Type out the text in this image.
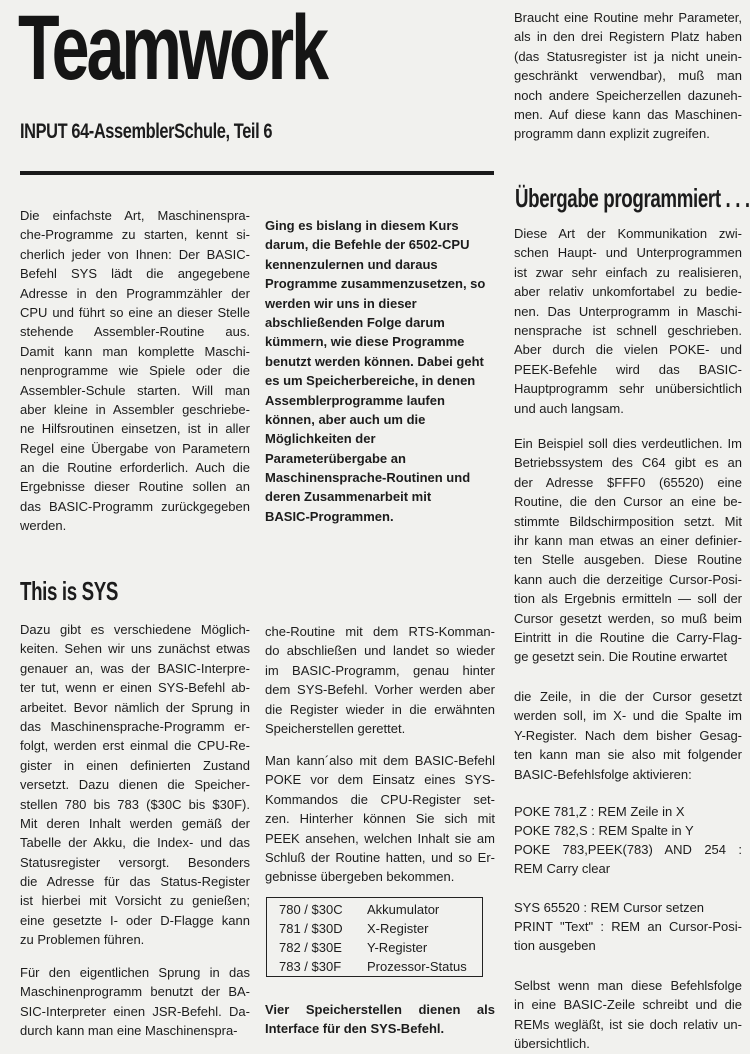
Teamwork
INPUT 64-AssemblerSchule, Teil 6
Die einfachste Art, Maschinenspra-
che-Programme zu starten, kennt si-
cherlich jeder von Ihnen: Der BASIC-
Befehl SYS lädt die angegebene
Adresse in den Programmzähler der
CPU und führt so eine an dieser Stelle
stehende Assembler-Routine aus.
Damit kann man komplette Maschi-
nenprogramme wie Spiele oder die
Assembler-Schule starten. Will man
aber kleine in Assembler geschriebe-
ne Hilfsroutinen einsetzen, ist in aller
Regel eine Übergabe von Parametern
an die Routine erforderlich. Auch die
Ergebnisse dieser Routine sollen an
das BASIC-Programm zurückgegeben
werden.
This is SYS
Dazu gibt es verschiedene Möglich-
keiten. Sehen wir uns zunächst etwas
genauer an, was der BASIC-Interpre-
ter tut, wenn er einen SYS-Befehl ab-
arbeitet. Bevor nämlich der Sprung in
das Maschinensprache-Programm er-
folgt, werden erst einmal die CPU-Re-
gister in einen definierten Zustand
versetzt. Dazu dienen die Speicher-
stellen 780 bis 783 ($30C bis $30F).
Mit deren Inhalt werden gemäß der
Tabelle der Akku, die Index- und das
Statusregister versorgt. Besonders
die Adresse für das Status-Register
ist hierbei mit Vorsicht zu genießen;
eine gesetzte I- oder D-Flagge kann
zu Problemen führen.
Für den eigentlichen Sprung in das
Maschinenprogramm benutzt der BA-
SIC-Interpreter einen JSR-Befehl. Da-
durch kann man eine Maschinenspra-
Ging es bislang in diesem Kurs
darum, die Befehle der 6502-CPU
kennenzulernen und daraus
Programme zusammenzusetzen, so
werden wir uns in dieser
abschließenden Folge darum
kümmern, wie diese Programme
benutzt werden können. Dabei geht
es um Speicherbereiche, in denen
Assemblerprogramme laufen
können, aber auch um die
Möglichkeiten der
Parameterübergabe an
Maschinensprache-Routinen und
deren Zusammenarbeit mit
BASIC-Programmen.
che-Routine mit dem RTS-Komman-
do abschließen und landet so wieder
im BASIC-Programm, genau hinter
dem SYS-Befehl. Vorher werden aber
die Register wieder in die erwähnten
Speicherstellen gerettet.
Man kann´also mit dem BASIC-Befehl
POKE vor dem Einsatz eines SYS-
Kommandos die CPU-Register set-
zen. Hinterher können Sie sich mit
PEEK ansehen, welchen Inhalt sie am
Schluß der Routine hatten, und so Er-
gebnisse übergeben bekommen.
780 / $30C	Akkumulator
781 / $30D	X-Register
782 / $30E	Y-Register
783 / $30F	Prozessor-Status
Vier Speicherstellen dienen als
Interface für den SYS-Befehl.
Braucht eine Routine mehr Parameter,
als in den drei Registern Platz haben
(das Statusregister ist ja nicht unein-
geschränkt verwendbar), muß man
noch andere Speicherzellen dazuneh-
men. Auf diese kann das Maschinen-
programm dann explizit zugreifen.
Übergabe programmiert . . .
Diese Art der Kommunikation zwi-
schen Haupt- und Unterprogrammen
ist zwar sehr einfach zu realisieren,
aber relativ unkomfortabel zu bedie-
nen. Das Unterprogramm in Maschi-
nensprache ist schnell geschrieben.
Aber durch die vielen POKE- und
PEEK-Befehle wird das BASIC-
Hauptprogramm sehr unübersichtlich
und auch langsam.
Ein Beispiel soll dies verdeutlichen. Im
Betriebssystem des C64 gibt es an
der Adresse $FFF0 (65520) eine
Routine, die den Cursor an eine be-
stimmte Bildschirmposition setzt. Mit
ihr kann man etwas an einer definier-
ten Stelle ausgeben. Diese Routine
kann auch die derzeitige Cursor-Posi-
tion als Ergebnis ermitteln — soll der
Cursor gesetzt werden, so muß beim
Eintritt in die Routine die Carry-Flag-
ge gesetzt sein. Die Routine erwartet
die Zeile, in die der Cursor gesetzt
werden soll, im X- und die Spalte im
Y-Register. Nach dem bisher Gesag-
ten kann man sie also mit folgender
BASIC-Befehlsfolge aktivieren:
POKE 781,Z : REM Zeile in X
POKE 782,S : REM Spalte in Y
POKE 783,PEEK(783) AND 254 :
REM Carry clear
SYS 65520 : REM Cursor setzen
PRINT "Text" : REM an Cursor-Posi-
tion ausgeben
Selbst wenn man diese Befehlsfolge
in eine BASIC-Zeile schreibt und die
REMs wegläßt, ist sie doch relativ un-
übersichtlich.
